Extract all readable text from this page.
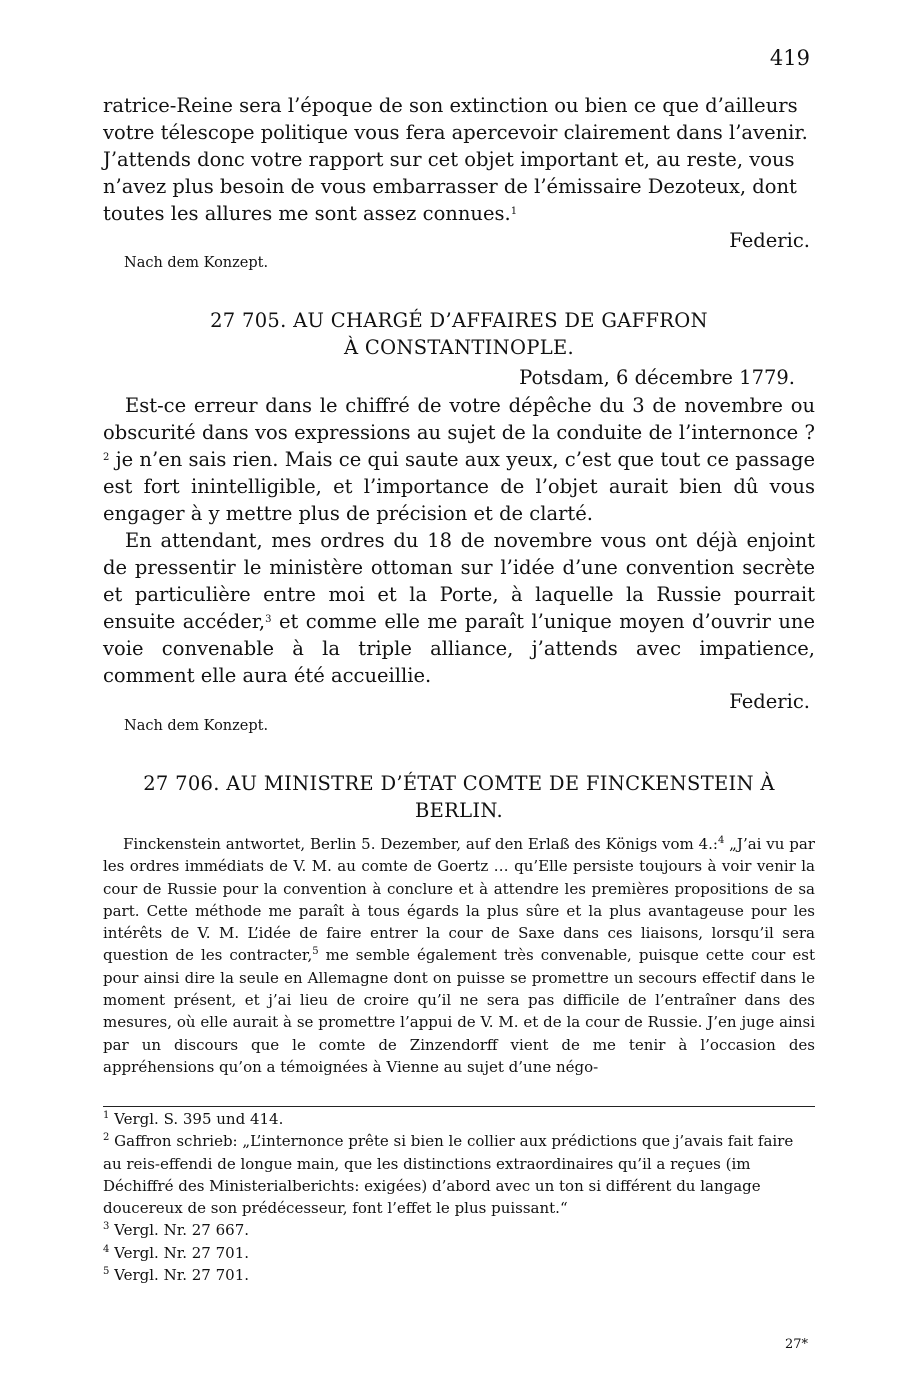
419
ratrice-Reine sera l’époque de son extinction ou bien ce que d’ailleurs
votre télescope politique vous fera apercevoir clairement dans l’avenir.
J’attends donc votre rapport sur cet objet important et, au reste, vous
n’avez plus besoin de vous embarrasser de l’émissaire Dezoteux, dont
toutes les allures me sont assez connues.$^1$
Federic.
Nach dem Konzept.
27 705. AU CHARGÉ D’AFFAIRES DE GAFFRON
À CONSTANTINOPLE.
Potsdam, 6 décembre 1779.

Est-ce erreur dans le chiffré de votre dépêche du 3 de novembre ou obscurité dans vos expressions au sujet de la conduite de l’internonce ?$^2$ je n’en sais rien. Mais ce qui saute aux yeux, c’est que tout ce passage est fort inintelligible, et l’importance de l’objet aurait bien dû vous engager à y mettre plus de précision et de clarté.

En attendant, mes ordres du 18 de novembre vous ont déjà enjoint de pressentir le ministère ottoman sur l’idée d’une convention secrète et particulière entre moi et la Porte, à laquelle la Russie pourrait ensuite accéder,$^3$ et comme elle me paraît l’unique moyen d’ouvrir une voie convenable à la triple alliance, j’attends avec impatience, comment elle aura été accueillie.

Federic.
Nach dem Konzept.
27 706. AU MINISTRE D’ÉTAT COMTE DE FINCKENSTEIN À
BERLIN.

Finckenstein antwortet, Berlin 5. Dezember, auf den Erlaß des Königs vom 4.:$^4$ „J’ai vu par les ordres immédiats de V. M. au comte de Goertz … qu’Elle persiste toujours à voir venir la cour de Russie pour la convention à conclure et à attendre les premières propositions de sa part. Cette méthode me paraît à tous égards la plus sûre et la plus avantageuse pour les intérêts de V. M. L’idée de faire entrer la cour de Saxe dans ces liaisons, lorsqu’il sera question de les contracter,$^5$ me semble également très convenable, puisque cette cour est pour ainsi dire la seule en Allemagne dont on puisse se promettre un secours effectif dans le moment présent, et j’ai lieu de croire qu’il ne sera pas difficile de l’entraîner dans des mesures, où elle aurait à se promettre l’appui de V. M. et de la cour de Russie. J’en juge ainsi par un discours que le comte de Zinzendorff vient de me tenir à l’occasion des appréhensions qu’on a témoignées à Vienne au sujet d’une négo-

$^1$ Vergl. S. 395 und 414.
$^2$ Gaffron schrieb: „L’internonce prête si bien le collier aux prédictions que j’avais fait faire au reis-effendi de longue main, que les distinctions extraordinaires qu’il a reçues (im Déchiffré des Ministerialberichts: exigées) d’abord avec un ton si différent du langage doucereux de son prédécesseur, font l’effet le plus puissant.“
$^3$ Vergl. Nr. 27 667.
$^4$ Vergl. Nr. 27 701.
$^5$ Vergl. Nr. 27 701.
27*
